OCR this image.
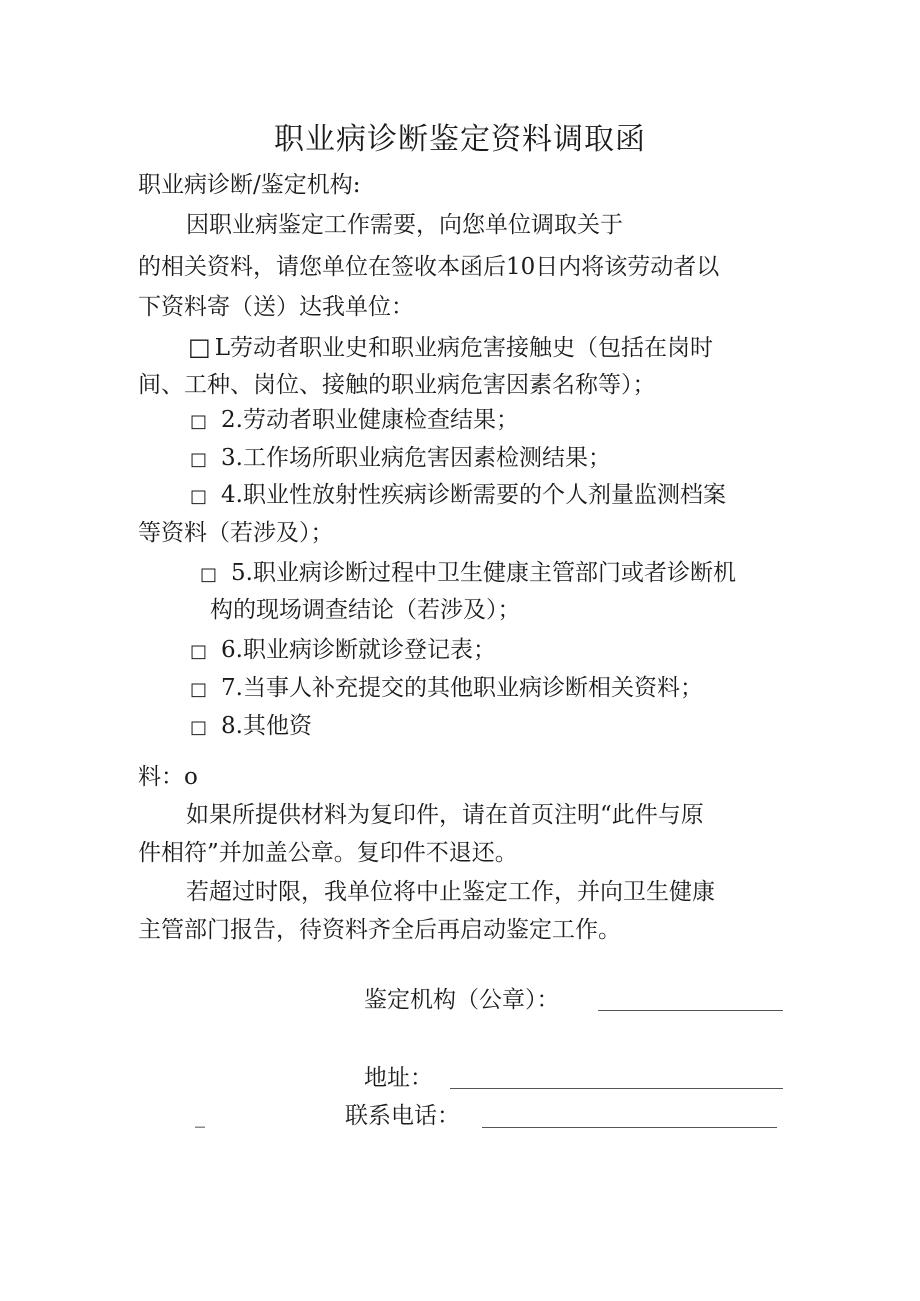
职业病诊断鉴定资料调取函
职业病诊断/鉴定机构:
因职业病鉴定工作需要，向您单位调取关于
的相关资料，请您单位在签收本函后10日内将该劳动者以
下资料寄（送）达我单位：
□ L劳动者职业史和职业病危害接触史（包括在岗时
间、工种、岗位、接触的职业病危害因素名称等）；
□ 2.劳动者职业健康检查结果；
□ 3.工作场所职业病危害因素检测结果；
□ 4.职业性放射性疾病诊断需要的个人剂量监测档案
等资料（若涉及）；
□ 5.职业病诊断过程中卫生健康主管部门或者诊断机
构的现场调查结论（若涉及）；
□ 6.职业病诊断就诊登记表；
□ 7.当事人补充提交的其他职业病诊断相关资料；
□ 8.其他资
料：o
如果所提供材料为复印件，请在首页注明“此件与原
件相符”并加盖公章。复印件不退还。
若超过时限，我单位将中止鉴定工作，并向卫生健康
主管部门报告，待资料齐全后再启动鉴定工作。
鉴定机构（公章）：
地址：
_	联系电话：
